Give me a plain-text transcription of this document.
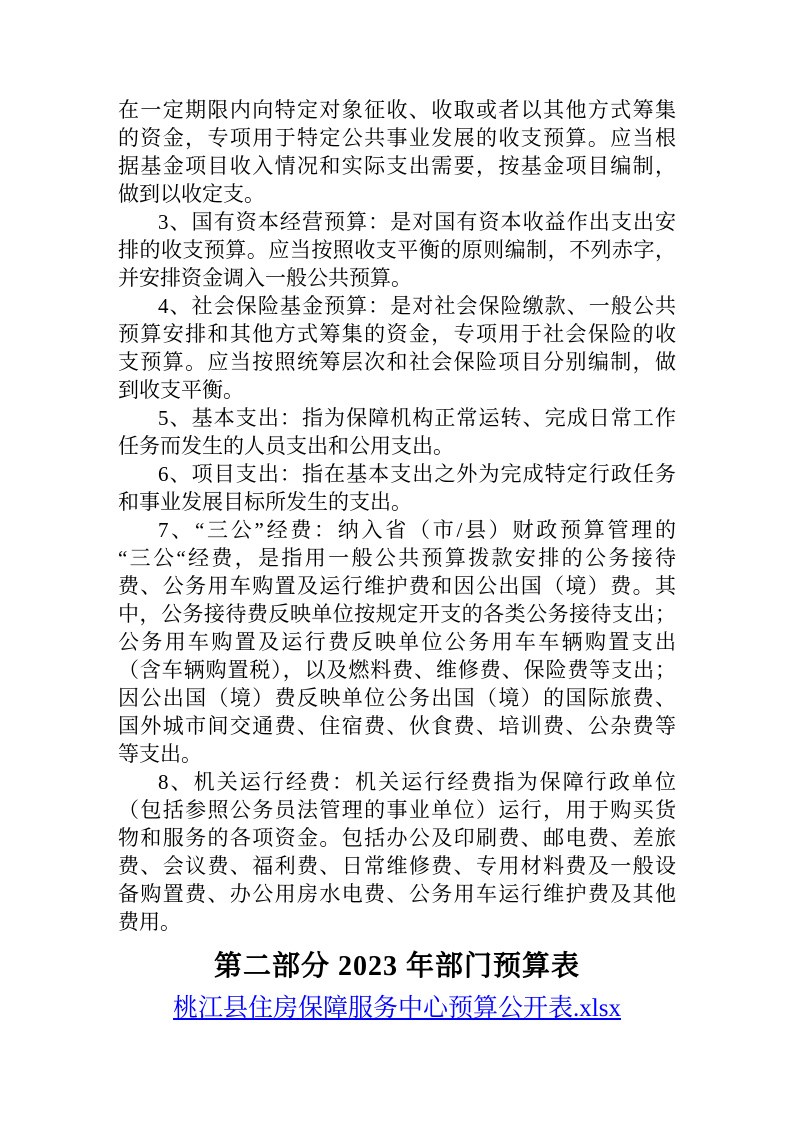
在一定期限内向特定对象征收、收取或者以其他方式筹集
的资金，专项用于特定公共事业发展的收支预算。应当根
据基金项目收入情况和实际支出需要，按基金项目编制，
做到以收定支。
3、国有资本经营预算：是对国有资本收益作出支出安
排的收支预算。应当按照收支平衡的原则编制，不列赤字，
并安排资金调入一般公共预算。
4、社会保险基金预算：是对社会保险缴款、一般公共
预算安排和其他方式筹集的资金，专项用于社会保险的收
支预算。应当按照统筹层次和社会保险项目分别编制，做
到收支平衡。
5、基本支出：指为保障机构正常运转、完成日常工作
任务而发生的人员支出和公用支出。
6、项目支出：指在基本支出之外为完成特定行政任务
和事业发展目标所发生的支出。
7、“三公”经费：纳入省（市/县）财政预算管理的
“三公“经费，是指用一般公共预算拨款安排的公务接待
费、公务用车购置及运行维护费和因公出国（境）费。其
中，公务接待费反映单位按规定开支的各类公务接待支出；
公务用车购置及运行费反映单位公务用车车辆购置支出
（含车辆购置税），以及燃料费、维修费、保险费等支出；
因公出国（境）费反映单位公务出国（境）的国际旅费、
国外城市间交通费、住宿费、伙食费、培训费、公杂费等
等支出。
8、机关运行经费：机关运行经费指为保障行政单位
（包括参照公务员法管理的事业单位）运行，用于购买货
物和服务的各项资金。包括办公及印刷费、邮电费、差旅
费、会议费、福利费、日常维修费、专用材料费及一般设
备购置费、办公用房水电费、公务用车运行维护费及其他
费用。
第二部分 2023 年部门预算表
桃江县住房保障服务中心预算公开表.xlsx
